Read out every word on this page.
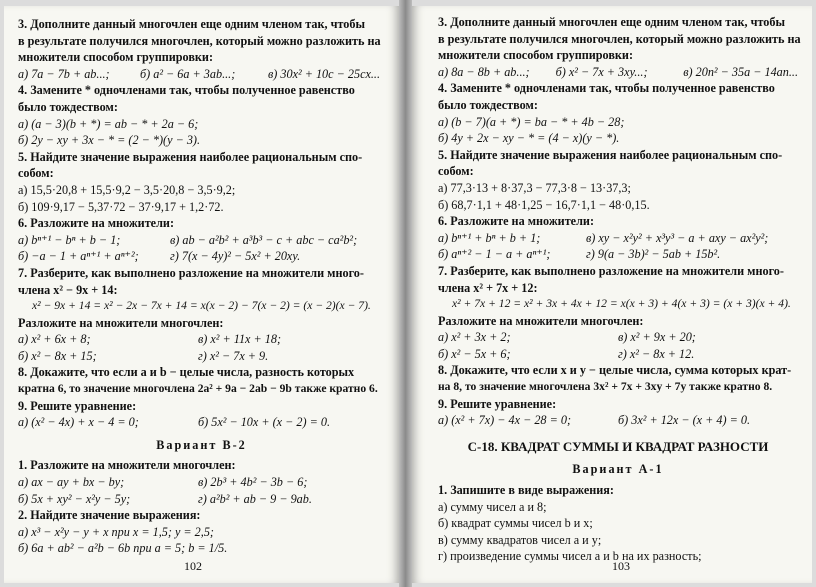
3. Дополните данный многочлен еще одним членом так, чтобы
в результате получился многочлен, который можно разложить на
множители способом группировки:
а) 7a − 7b + ab...;	б) a² − 6a + 3ab...;	в) 30x² + 10c − 25cx...
4. Замените * одночленами так, чтобы полученное равенство
было тождеством:
а) (a − 3)(b + *) = ab − * + 2a − 6;
б) 2y − xy + 3x − * = (2 − *)(y − 3).
5. Найдите значение выражения наиболее рациональным спо-
собом:
а) 15,5·20,8 + 15,5·9,2 − 3,5·20,8 − 3,5·9,2;
б) 109·9,17 − 5,37·72 − 37·9,17 + 1,2·72.
6. Разложите на множители:
а) bⁿ⁺¹ − bⁿ + b − 1;	в) ab − a²b² + a³b³ − c + abc − ca²b²;
б) −a − 1 + aⁿ⁺¹ + aⁿ⁺²;	г) 7(x − 4y)² − 5x² + 20xy.
7. Разберите, как выполнено разложение на множители много-
члена x² − 9x + 14:
x² − 9x + 14 = x² − 2x − 7x + 14 = x(x − 2) − 7(x − 2) = (x − 2)(x − 7).
Разложите на множители многочлен:
а) x² + 6x + 8;	в) x² + 11x + 18;
б) x² − 8x + 15;	г) x² − 7x + 9.
8. Докажите, что если a и b − целые числа, разность которых
кратна 6, то значение многочлена 2a² + 9a − 2ab − 9b также кратно 6.
9. Решите уравнение:
а) (x² − 4x) + x − 4 = 0;	б) 5x² − 10x + (x − 2) = 0.
Вариант В-2
1. Разложите на множители многочлен:
а) ax − ay + bx − by;	в) 2b³ + 4b² − 3b − 6;
б) 5x + xy² − x²y − 5y;	г) a²b² + ab − 9 − 9ab.
2. Найдите значение выражения:
а) x³ − x²y − y + x при x = 1,5; y = 2,5;
б) 6a + ab² − a²b − 6b при a = 5; b = 1/5.
102
3. Дополните данный многочлен еще одним членом так, чтобы
в результате получился многочлен, который можно разложить на
множители способом группировки:
а) 8a − 8b + ab...;	б) x² − 7x + 3xy...;	в) 20n² − 35a − 14an...
4. Замените * одночленами так, чтобы полученное равенство
было тождеством:
а) (b − 7)(a + *) = ba − * + 4b − 28;
б) 4y + 2x − xy − * = (4 − x)(y − *).
5. Найдите значение выражения наиболее рациональным спо-
собом:
а) 77,3·13 + 8·37,3 − 77,3·8 − 13·37,3;
б) 68,7·1,1 + 48·1,25 − 16,7·1,1 − 48·0,15.
6. Разложите на множители:
а) bⁿ⁺¹ + bⁿ + b + 1;	в) xy − x²y² + x³y³ − a + axy − ax²y²;
б) aⁿ⁺² − 1 − a + aⁿ⁺¹;	г) 9(a − 3b)² − 5ab + 15b².
7. Разберите, как выполнено разложение на множители много-
члена x² + 7x + 12:
x² + 7x + 12 = x² + 3x + 4x + 12 = x(x + 3) + 4(x + 3) = (x + 3)(x + 4).
Разложите на множители многочлен:
а) x² + 3x + 2;	в) x² + 9x + 20;
б) x² − 5x + 6;	г) x² − 8x + 12.
8. Докажите, что если x и y − целые числа, сумма которых крат-
на 8, то значение многочлена 3x² + 7x + 3xy + 7y также кратно 8.
9. Решите уравнение:
а) (x² + 7x) − 4x − 28 = 0;	б) 3x² + 12x − (x + 4) = 0.
С-18. КВАДРАТ СУММЫ И КВАДРАТ РАЗНОСТИ
Вариант А-1
1. Запишите в виде выражения:
а) сумму чисел a и 8;
б) квадрат суммы чисел b и x;
в) сумму квадратов чисел a и y;
г) произведение суммы чисел a и b на их разность;
103
